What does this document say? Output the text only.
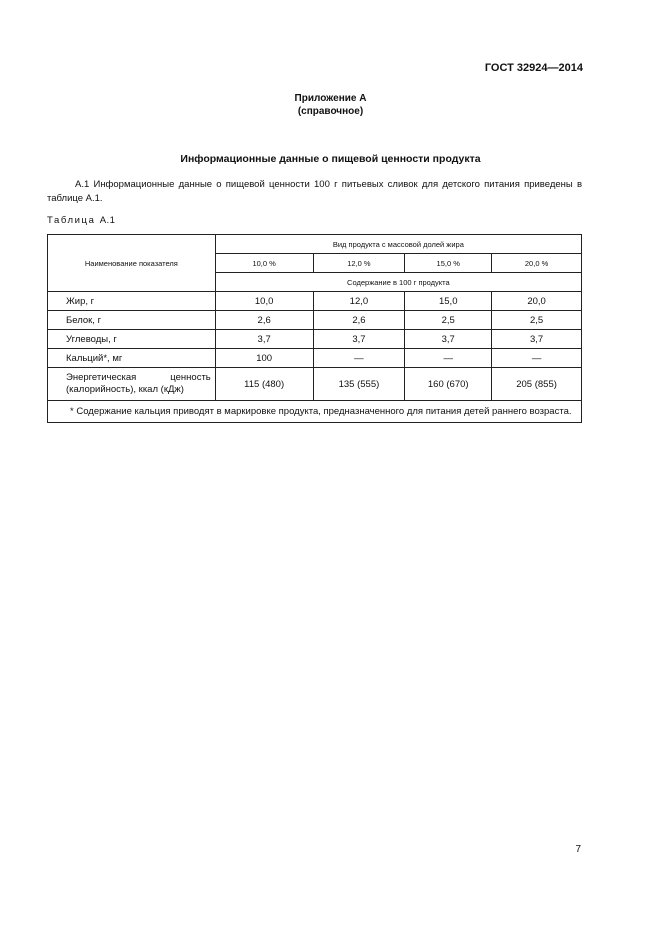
ГОСТ 32924—2014
Приложение А
(справочное)
Информационные данные о пищевой ценности продукта
А.1 Информационные данные о пищевой ценности 100 г питьевых сливок для детского питания приведены в таблице А.1.
Таблица А.1
Наименование показателя	Вид продукта с массовой долей жира			
	10,0 %	12,0 %	15,0 %	20,0 %
	Содержание в 100 г продукта			
Жир, г	10,0	12,0	15,0	20,0
Белок, г	2,6	2,6	2,5	2,5
Углеводы, г	3,7	3,7	3,7	3,7
Кальций*, мг	100	—	—	—
Энергетическая ценность (калорийность), ккал (кДж)	115 (480)	135 (555)	160 (670)	205 (855)
* Содержание кальция приводят в маркировке продукта, предназначенного для питания детей раннего возраста.				
7
